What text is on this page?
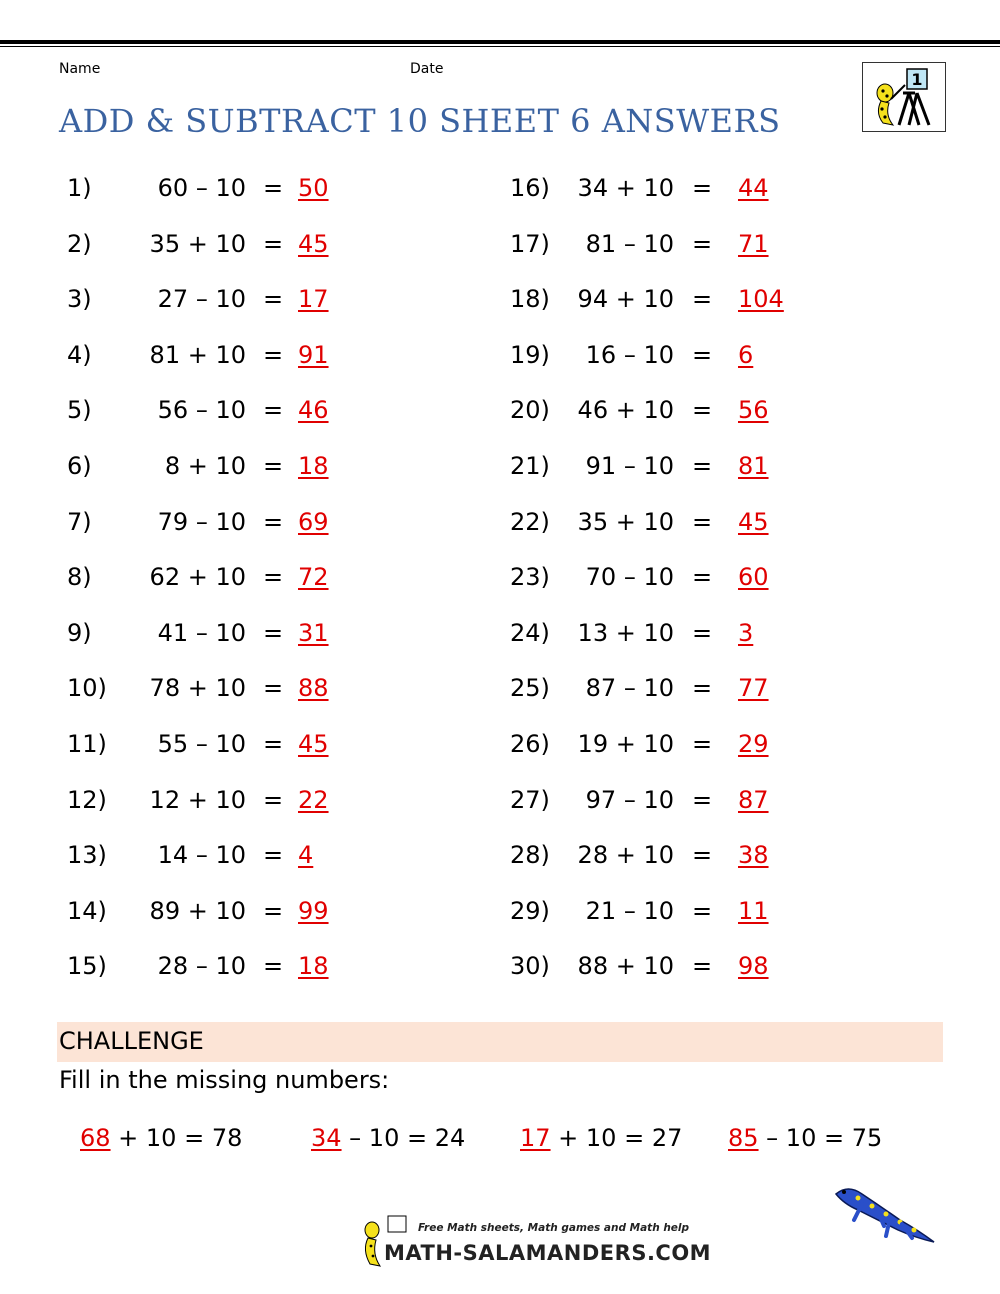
Name	Date
ADD & SUBTRACT 10 SHEET 6 ANSWERS
1
1)	60 – 10 = 50
2)	35 + 10 = 45
3)	27 – 10 = 17
4)	81 + 10 = 91
5)	56 – 10 = 46
6)	8 + 10 = 18
7)	79 – 10 = 69
8)	62 + 10 = 72
9)	41 – 10 = 31
10)	78 + 10 = 88
11)	55 – 10 = 45
12)	12 + 10 = 22
13)	14 – 10 = 4
14)	89 + 10 = 99
15)	28 – 10 = 18
16)	34 + 10 = 44
17)	81 – 10 = 71
18)	94 + 10 = 104
19)	16 – 10 = 6
20)	46 + 10 = 56
21)	91 – 10 = 81
22)	35 + 10 = 45
23)	70 – 10 = 60
24)	13 + 10 = 3
25)	87 – 10 = 77
26)	19 + 10 = 29
27)	97 – 10 = 87
28)	28 + 10 = 38
29)	21 – 10 = 11
30)	88 + 10 = 98
CHALLENGE
Fill in the missing numbers:
68 + 10 = 78	34 – 10 = 24 17 + 10 = 27 85 – 10 = 75
Free Math sheets, Math games and Math help
MATH-SALAMANDERS.COM
